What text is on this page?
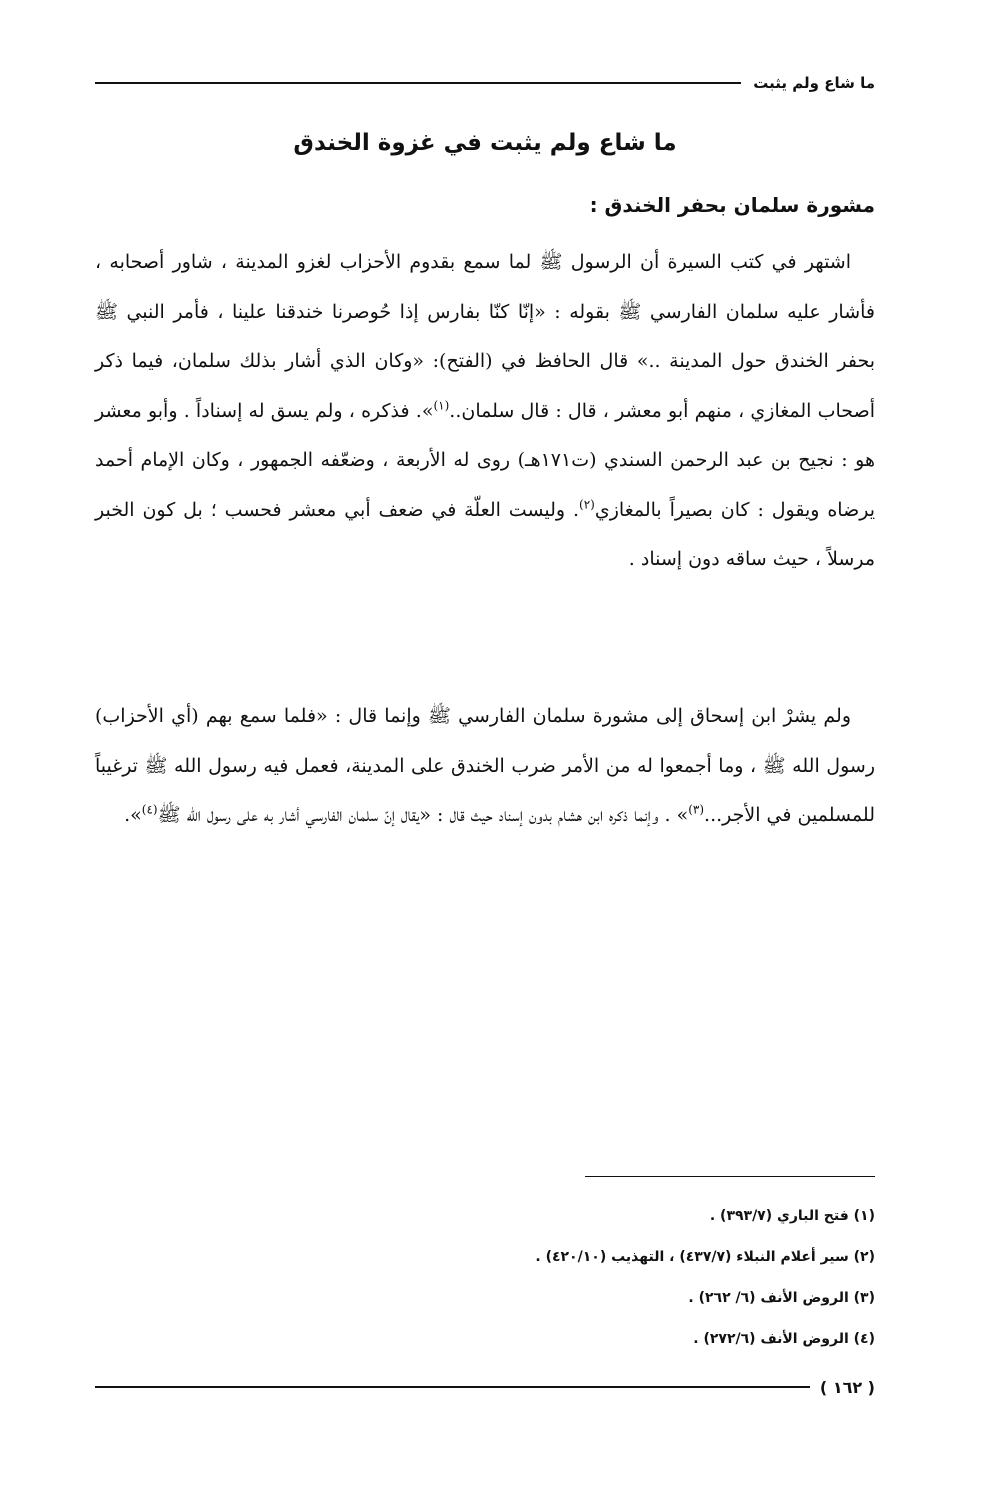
ما شاع ولم يثبت
ما شاع ولم يثبت في غزوة الخندق
مشورة سلمان بحفر الخندق :

اشتهر في كتب السيرة أن الرسول ﷺ لما سمع بقدوم الأحزاب لغزو المدينة ، شاور أصحابه ، فأشار عليه سلمان الفارسي ﷺ بقوله : «إنّا كنّا بفارس إذا حُوصرنا خندقنا علينا ، فأمر النبي ﷺ بحفر الخندق حول المدينة ..» قال الحافظ في (الفتح): «وكان الذي أشار بذلك سلمان، فيما ذكر أصحاب المغازي ، منهم أبو معشر ، قال : قال سلمان..$^{(١)}$». فذكره ، ولم يسق له إسناداً . وأبو معشر هو : نجيح بن عبد الرحمن السندي (ت١٧١هـ) روى له الأربعة ، وضعّفه الجمهور ، وكان الإمام أحمد يرضاه ويقول : كان بصيراً بالمغازي$^{(٢)}$. وليست العلّة في ضعف أبي معشر فحسب ؛ بل كون الخبر مرسلاً ، حيث ساقه دون إسناد .

ولم يشرْ ابن إسحاق إلى مشورة سلمان الفارسي ﷺ وإنما قال : «فلما سمع بهم (أي الأحزاب) رسول الله ﷺ ، وما أجمعوا له من الأمر ضرب الخندق على المدينة، فعمل فيه رسول الله ﷺ ترغيباً للمسلمين في الأجر...$^{(٣)}$» . وإنما ذكره ابن هشام بدون إسناد حيث قال : «يقال إنّ سلمان الفارسي أشار به على رسول الله ﷺ$^{(٤)}$».

(١) فتح الباري (٣٩٣/٧) .
(٢) سير أعلام النبلاء (٤٣٧/٧) ، التهذيب (٤٢٠/١٠) .
(٣) الروض الأنف (٦/ ٢٦٢) .
(٤) الروض الأنف (٢٧٢/٦) .
( ١٦٢ )
